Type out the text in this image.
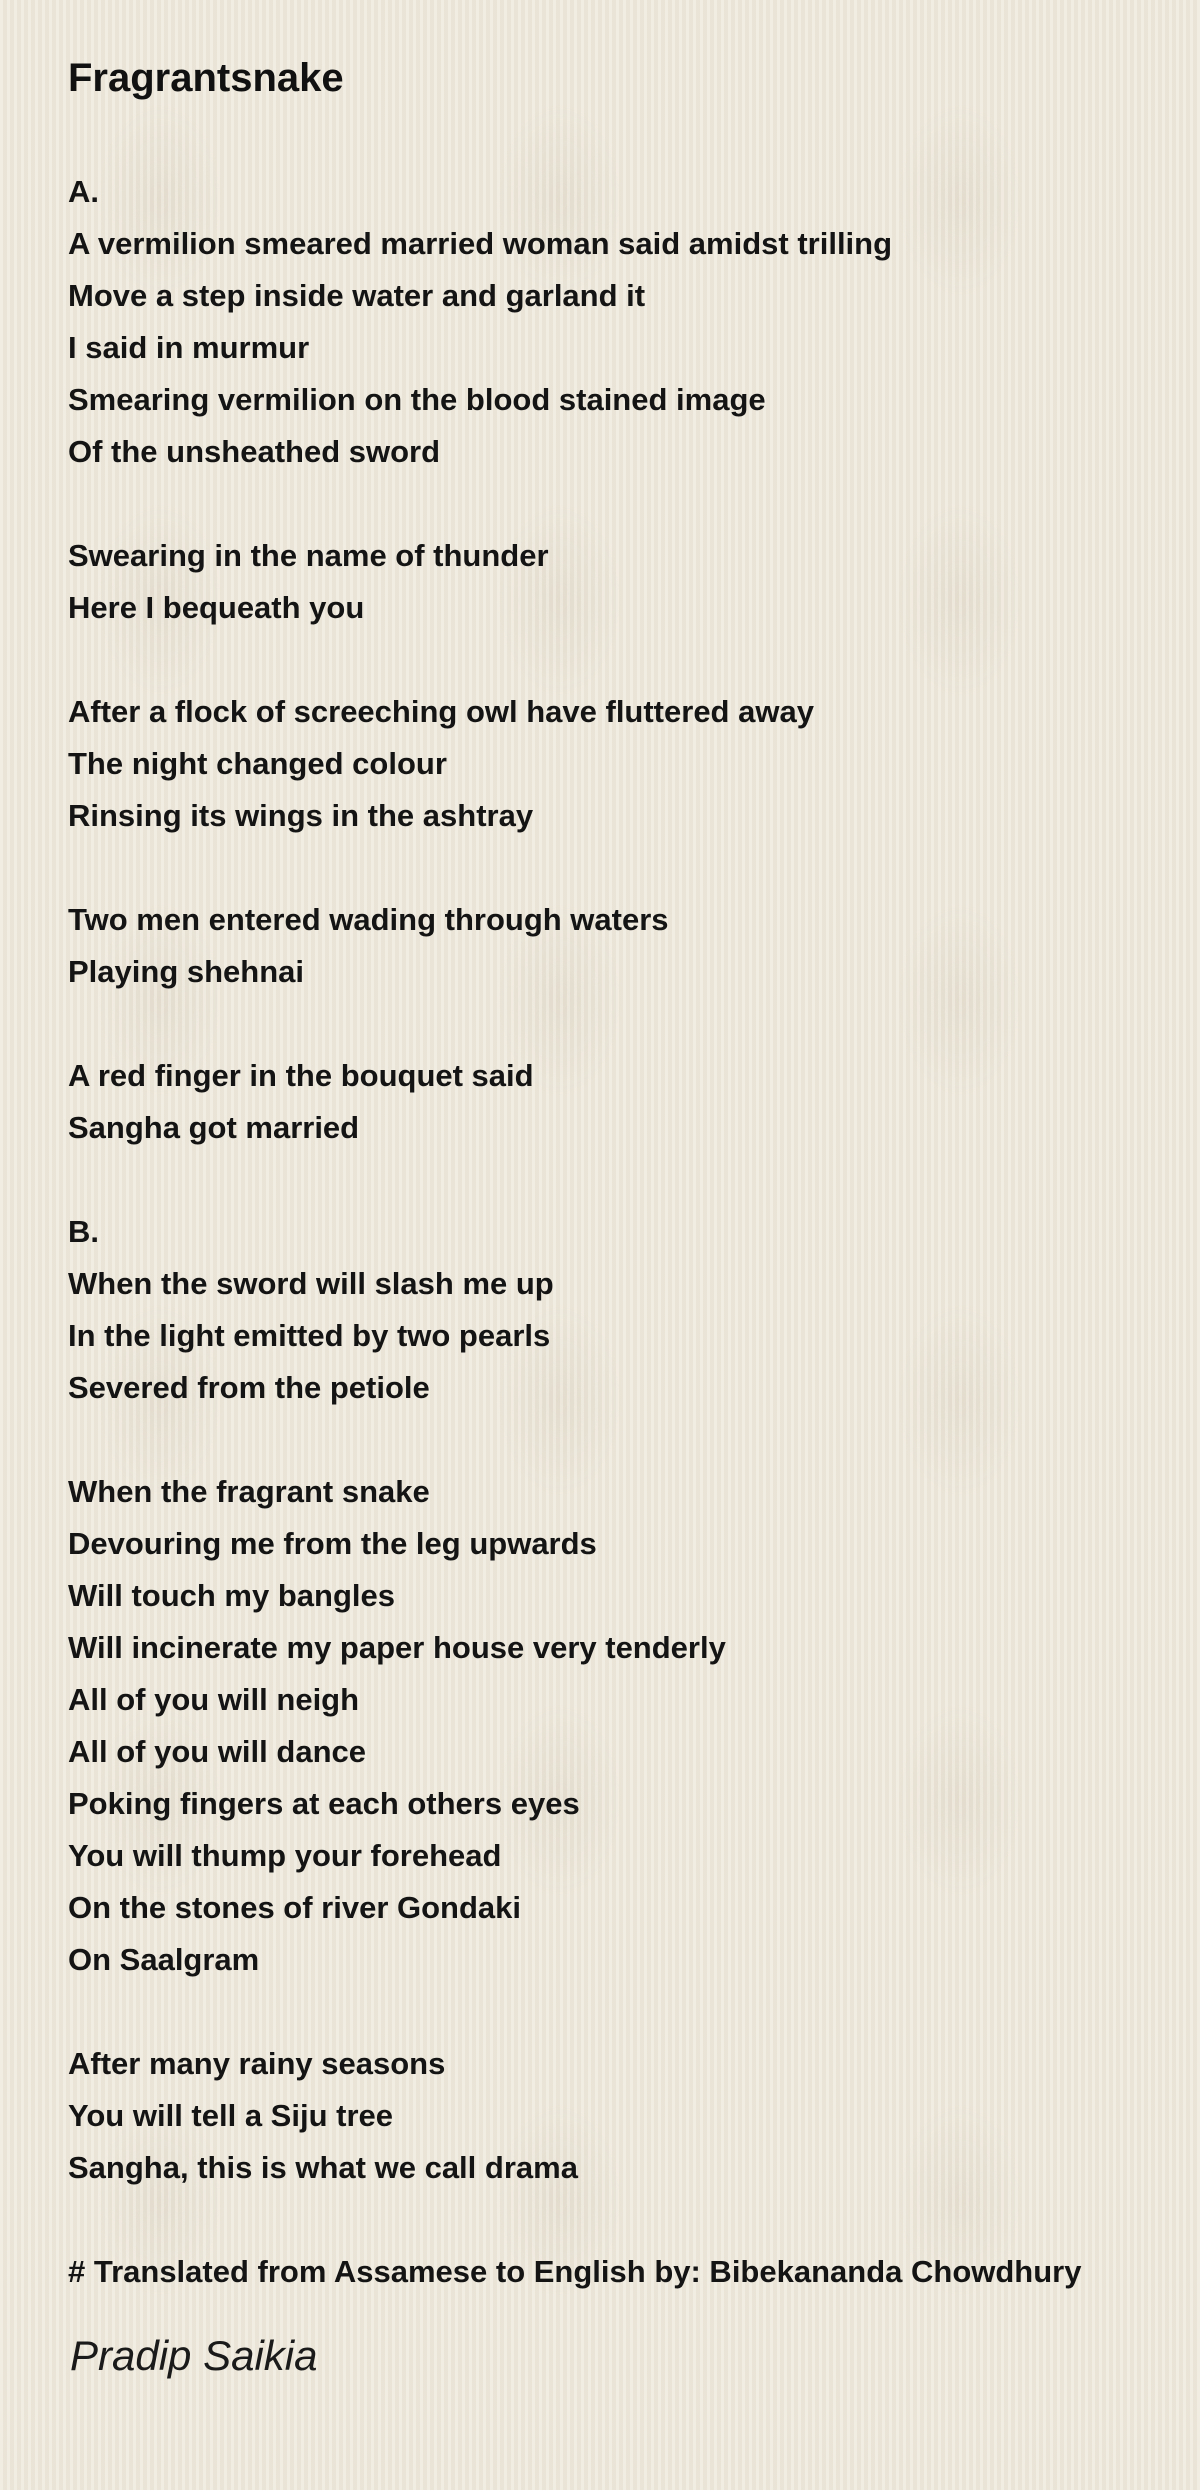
Fragrantsnake
A.
A vermilion smeared married woman said amidst trilling
Move a step inside water and garland it
I said in murmur
Smearing vermilion on the blood stained image
Of the unsheathed sword
Swearing in the name of thunder
Here I bequeath you
After a flock of screeching owl have fluttered away
The night changed colour
Rinsing its wings in the ashtray
Two men entered wading through waters
Playing shehnai
A red finger in the bouquet said
Sangha got married
B.
When the sword will slash me up
In the light emitted by two pearls
Severed from the petiole
When the fragrant snake
Devouring me from the leg upwards
Will touch my bangles
Will incinerate my paper house very tenderly
All of you will neigh
All of you will dance
Poking fingers at each others eyes
You will thump your forehead
On the stones of river Gondaki
On Saalgram
After many rainy seasons
You will tell a Siju tree
Sangha, this is what we call drama
# Translated from Assamese to English by: Bibekananda Chowdhury
Pradip Saikia
